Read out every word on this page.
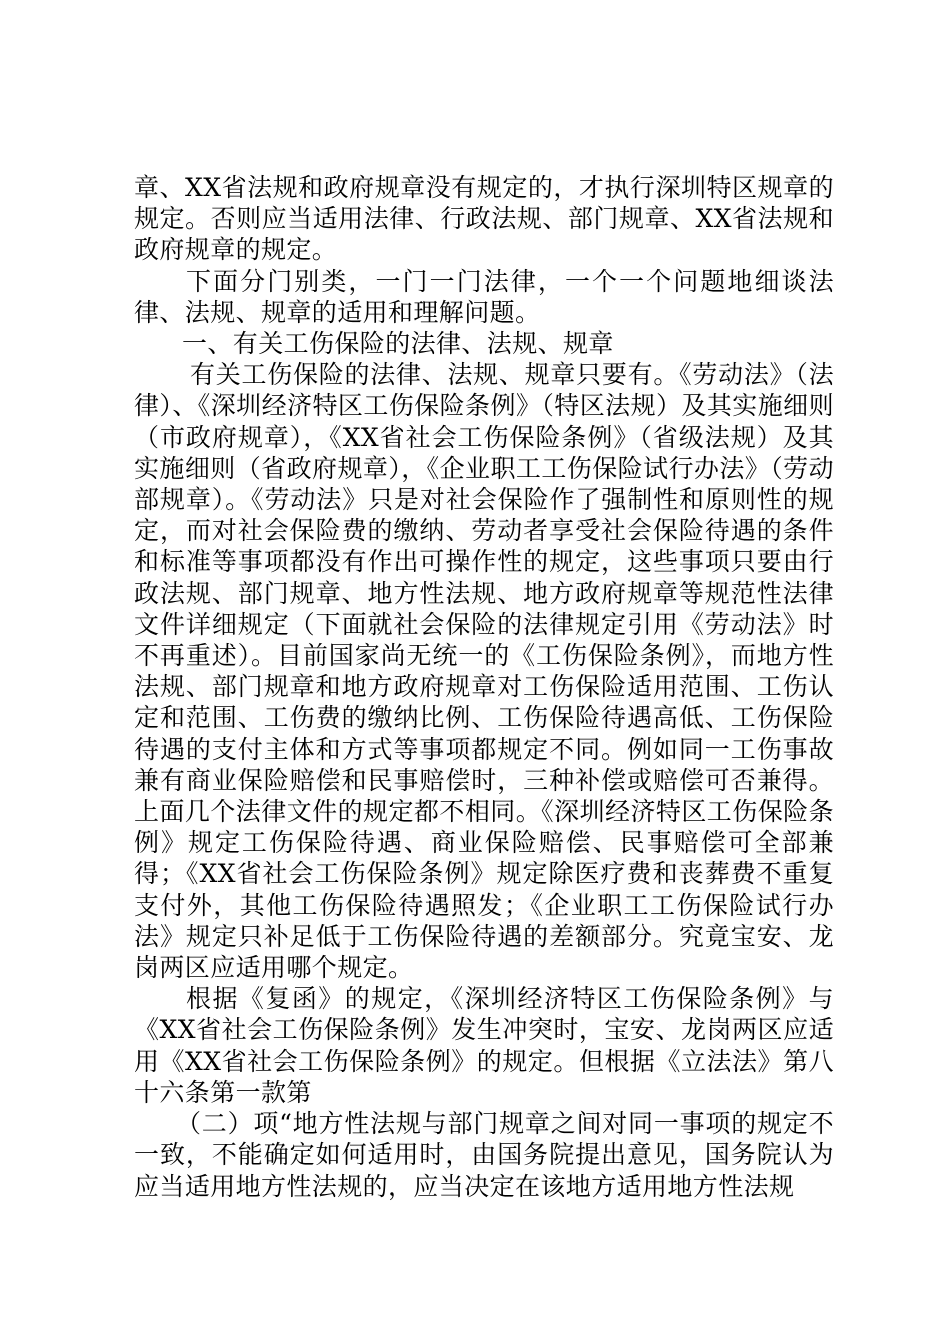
章、XX省法规和政府规章没有规定的，才执行深圳特区规章的规定。否则应当适用法律、行政法规、部门规章、XX省法规和政府规章的规定。

下面分门别类，一门一门法律，一个一个问题地细谈法律、法规、规章的适用和理解问题。

一、有关工伤保险的法律、法规、规章

有关工伤保险的法律、法规、规章只要有。《劳动法》（法律）、《深圳经济特区工伤保险条例》（特区法规）及其实施细则（市政府规章），《XX省社会工伤保险条例》（省级法规）及其实施细则（省政府规章），《企业职工工伤保险试行办法》（劳动部规章）。《劳动法》只是对社会保险作了强制性和原则性的规定，而对社会保险费的缴纳、劳动者享受社会保险待遇的条件和标准等事项都没有作出可操作性的规定，这些事项只要由行政法规、部门规章、地方性法规、地方政府规章等规范性法律文件详细规定（下面就社会保险的法律规定引用《劳动法》时不再重述）。目前国家尚无统一的《工伤保险条例》，而地方性法规、部门规章和地方政府规章对工伤保险适用范围、工伤认定和范围、工伤费的缴纳比例、工伤保险待遇高低、工伤保险待遇的支付主体和方式等事项都规定不同。例如同一工伤事故兼有商业保险赔偿和民事赔偿时，三种补偿或赔偿可否兼得。上面几个法律文件的规定都不相同。《深圳经济特区工伤保险条例》规定工伤保险待遇、商业保险赔偿、民事赔偿可全部兼得；《XX省社会工伤保险条例》规定除医疗费和丧葬费不重复支付外，其他工伤保险待遇照发；《企业职工工伤保险试行办法》规定只补足低于工伤保险待遇的差额部分。究竟宝安、龙岗两区应适用哪个规定。

根据《复函》的规定，《深圳经济特区工伤保险条例》与《XX省社会工伤保险条例》发生冲突时，宝安、龙岗两区应适用《XX省社会工伤保险条例》的规定。但根据《立法法》第八十六条第一款第

（二）项“地方性法规与部门规章之间对同一事项的规定不一致，不能确定如何适用时，由国务院提出意见，国务院认为应当适用地方性法规的，应当决定在该地方适用地方性法规
